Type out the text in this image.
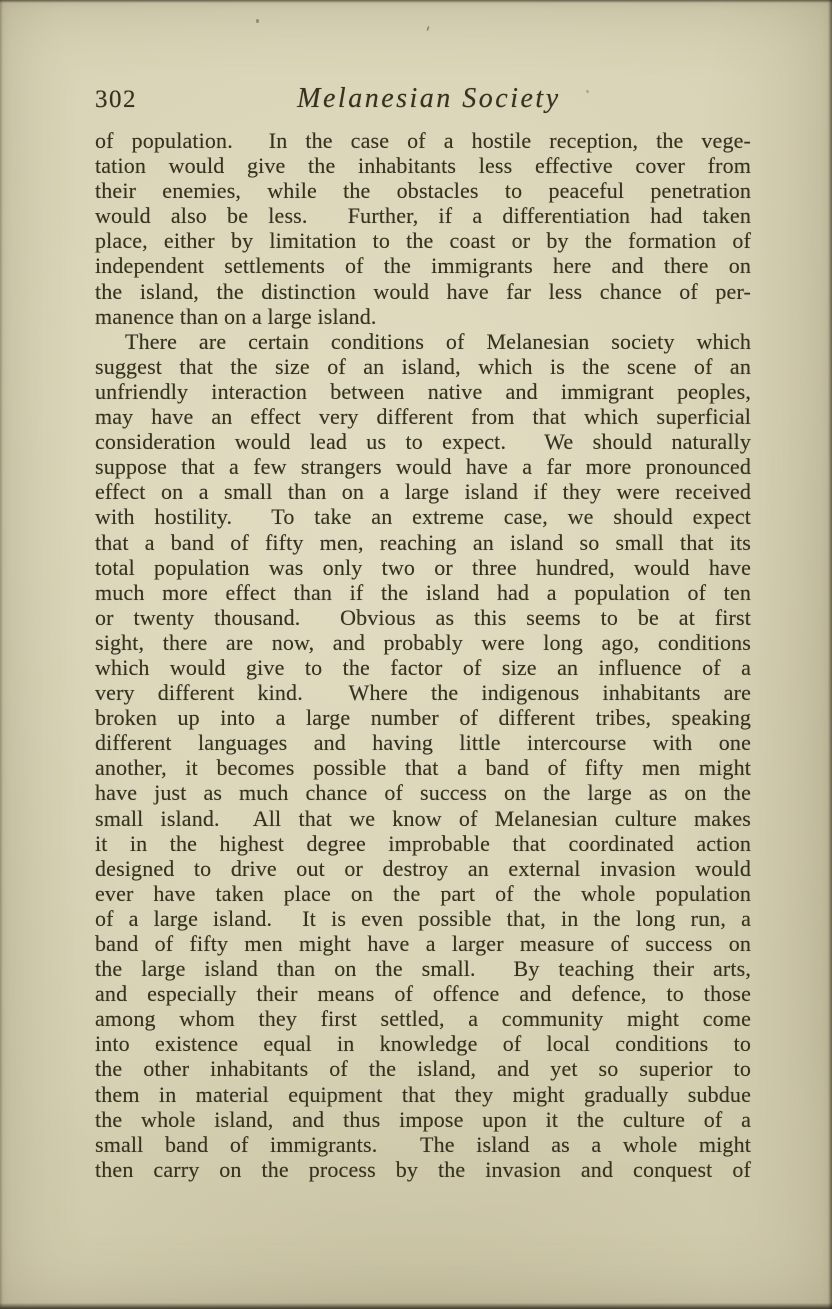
302	Melanesian Society
of population.  In the case of a hostile reception, the vege-
tation would give the inhabitants less effective cover from
their enemies, while the obstacles to peaceful penetration
would also be less.  Further, if a differentiation had taken
place, either by limitation to the coast or by the formation of
independent settlements of the immigrants here and there on
the island, the distinction would have far less chance of per-
manence than on a large island.
There are certain conditions of Melanesian society which
suggest that the size of an island, which is the scene of an
unfriendly interaction between native and immigrant peoples,
may have an effect very different from that which superficial
consideration would lead us to expect.  We should naturally
suppose that a few strangers would have a far more pronounced
effect on a small than on a large island if they were received
with hostility.  To take an extreme case, we should expect
that a band of fifty men, reaching an island so small that its
total population was only two or three hundred, would have
much more effect than if the island had a population of ten
or twenty thousand.  Obvious as this seems to be at first
sight, there are now, and probably were long ago, conditions
which would give to the factor of size an influence of a
very different kind.  Where the indigenous inhabitants are
broken up into a large number of different tribes, speaking
different languages and having little intercourse with one
another, it becomes possible that a band of fifty men might
have just as much chance of success on the large as on the
small island.  All that we know of Melanesian culture makes
it in the highest degree improbable that coordinated action
designed to drive out or destroy an external invasion would
ever have taken place on the part of the whole population
of a large island.  It is even possible that, in the long run, a
band of fifty men might have a larger measure of success on
the large island than on the small.  By teaching their arts,
and especially their means of offence and defence, to those
among whom they first settled, a community might come
into existence equal in knowledge of local conditions to
the other inhabitants of the island, and yet so superior to
them in material equipment that they might gradually subdue
the whole island, and thus impose upon it the culture of a
small band of immigrants.  The island as a whole might
then carry on the process by the invasion and conquest of
